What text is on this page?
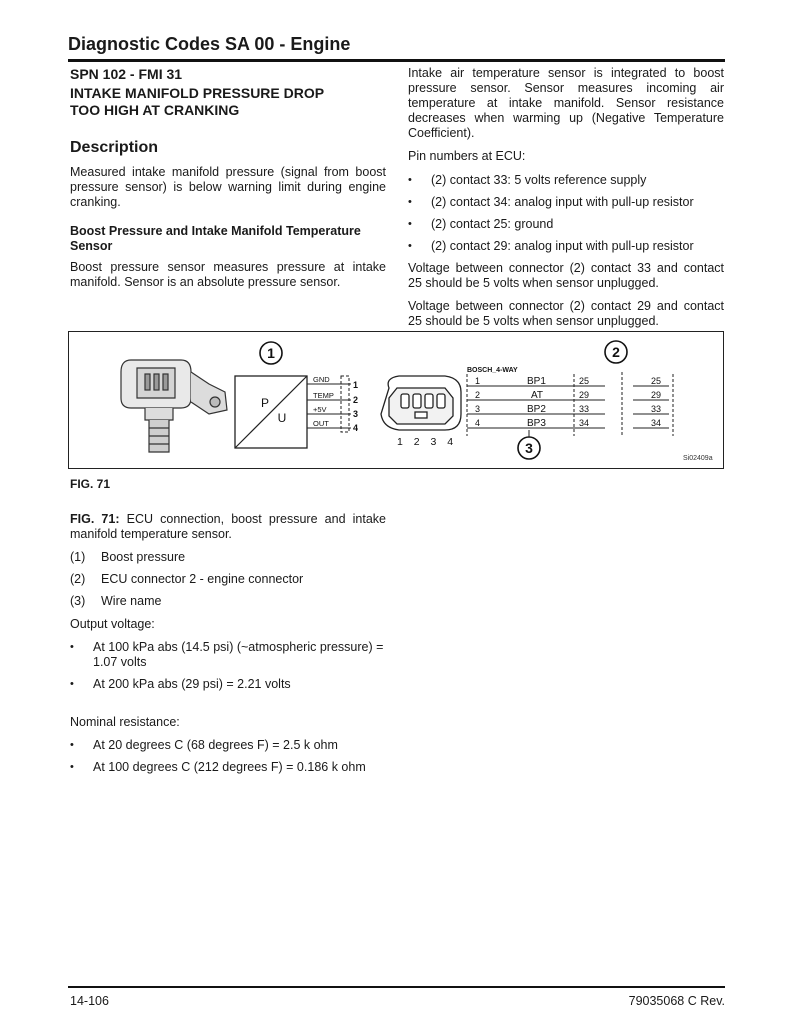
Diagnostic Codes SA 00 - Engine
SPN 102 - FMI 31
INTAKE MANIFOLD PRESSURE DROP
TOO HIGH AT CRANKING
Description

Measured intake manifold pressure (signal from boost pressure sensor) is below warning limit during engine cranking.

Boost Pressure and Intake Manifold Temperature Sensor

Boost pressure sensor measures pressure at intake manifold. Sensor is an absolute pressure sensor.

Intake air temperature sensor is integrated to boost pressure sensor. Sensor measures incoming air temperature at intake manifold. Sensor resistance decreases when warming up (Negative Temperature Coefficient).

Pin numbers at ECU:

• (2) contact 33: 5 volts reference supply
• (2) contact 34: analog input with pull-up resistor
• (2) contact 25: ground
• (2) contact 29: analog input with pull-up resistor

Voltage between connector (2) contact 33 and contact 25 should be 5 volts when sensor unplugged.

Voltage between connector (2) contact 29 and contact 25 should be 5 volts when sensor unplugged.

1	2
3
P
U
GND
TEMP
+5V
OUT
1
2
3
4
1 2 3 4
BOSCH_4-WAY
1
2
3
4
BP1
AT
BP2
BP3
25
29
33
34
25
29
33
34
Si02409a
FIG. 71

FIG. 71: ECU connection, boost pressure and intake manifold temperature sensor.

(1) Boost pressure
(2) ECU connector 2 - engine connector
(3) Wire name

Output voltage:

• At 100 kPa abs (14.5 psi) (~atmospheric pressure) = 1.07 volts
• At 200 kPa abs (29 psi) = 2.21 volts

Nominal resistance:

• At 20 degrees C (68 degrees F) = 2.5 k ohm
• At 100 degrees C (212 degrees F) = 0.186 k ohm
14-106	79035068 C Rev.
